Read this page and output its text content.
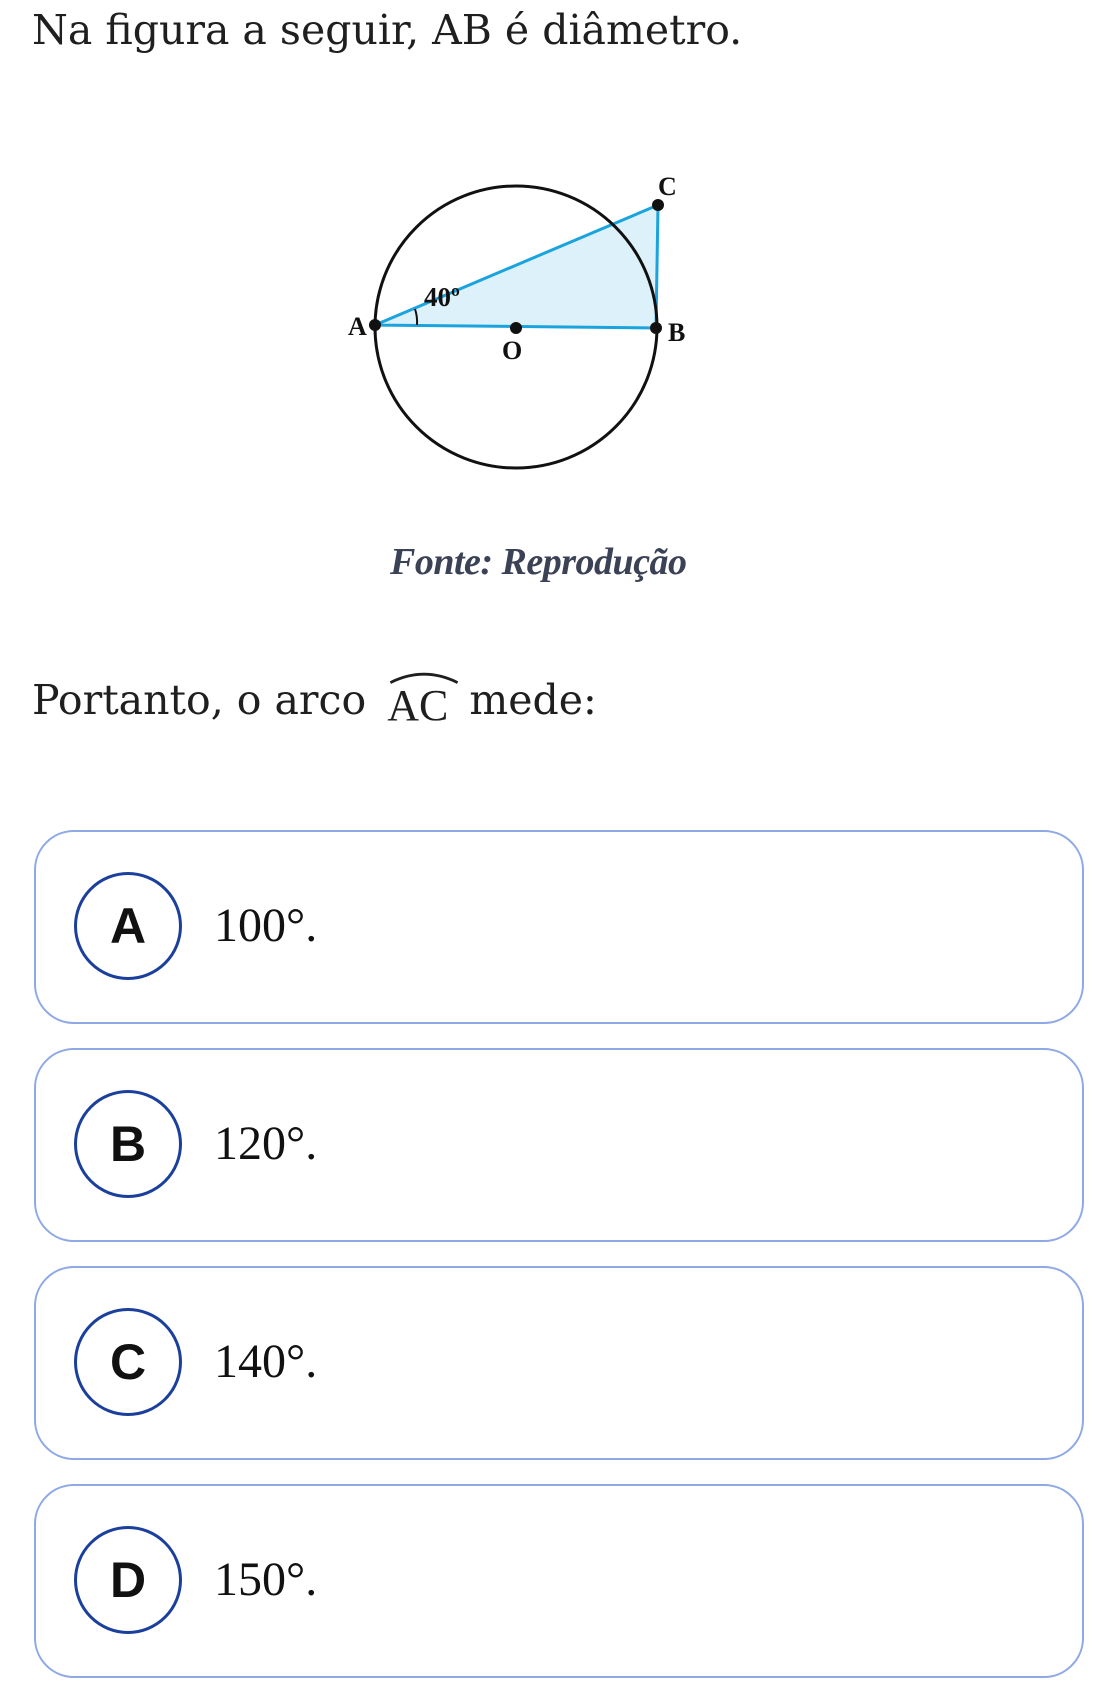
Na figura a seguir, AB é diâmetro.

A	B
C
O
40º
Fonte: Reprodução

Portanto, o arco
AC mede:

A	100°.
B	120°.
C	140°.
D	150°.
